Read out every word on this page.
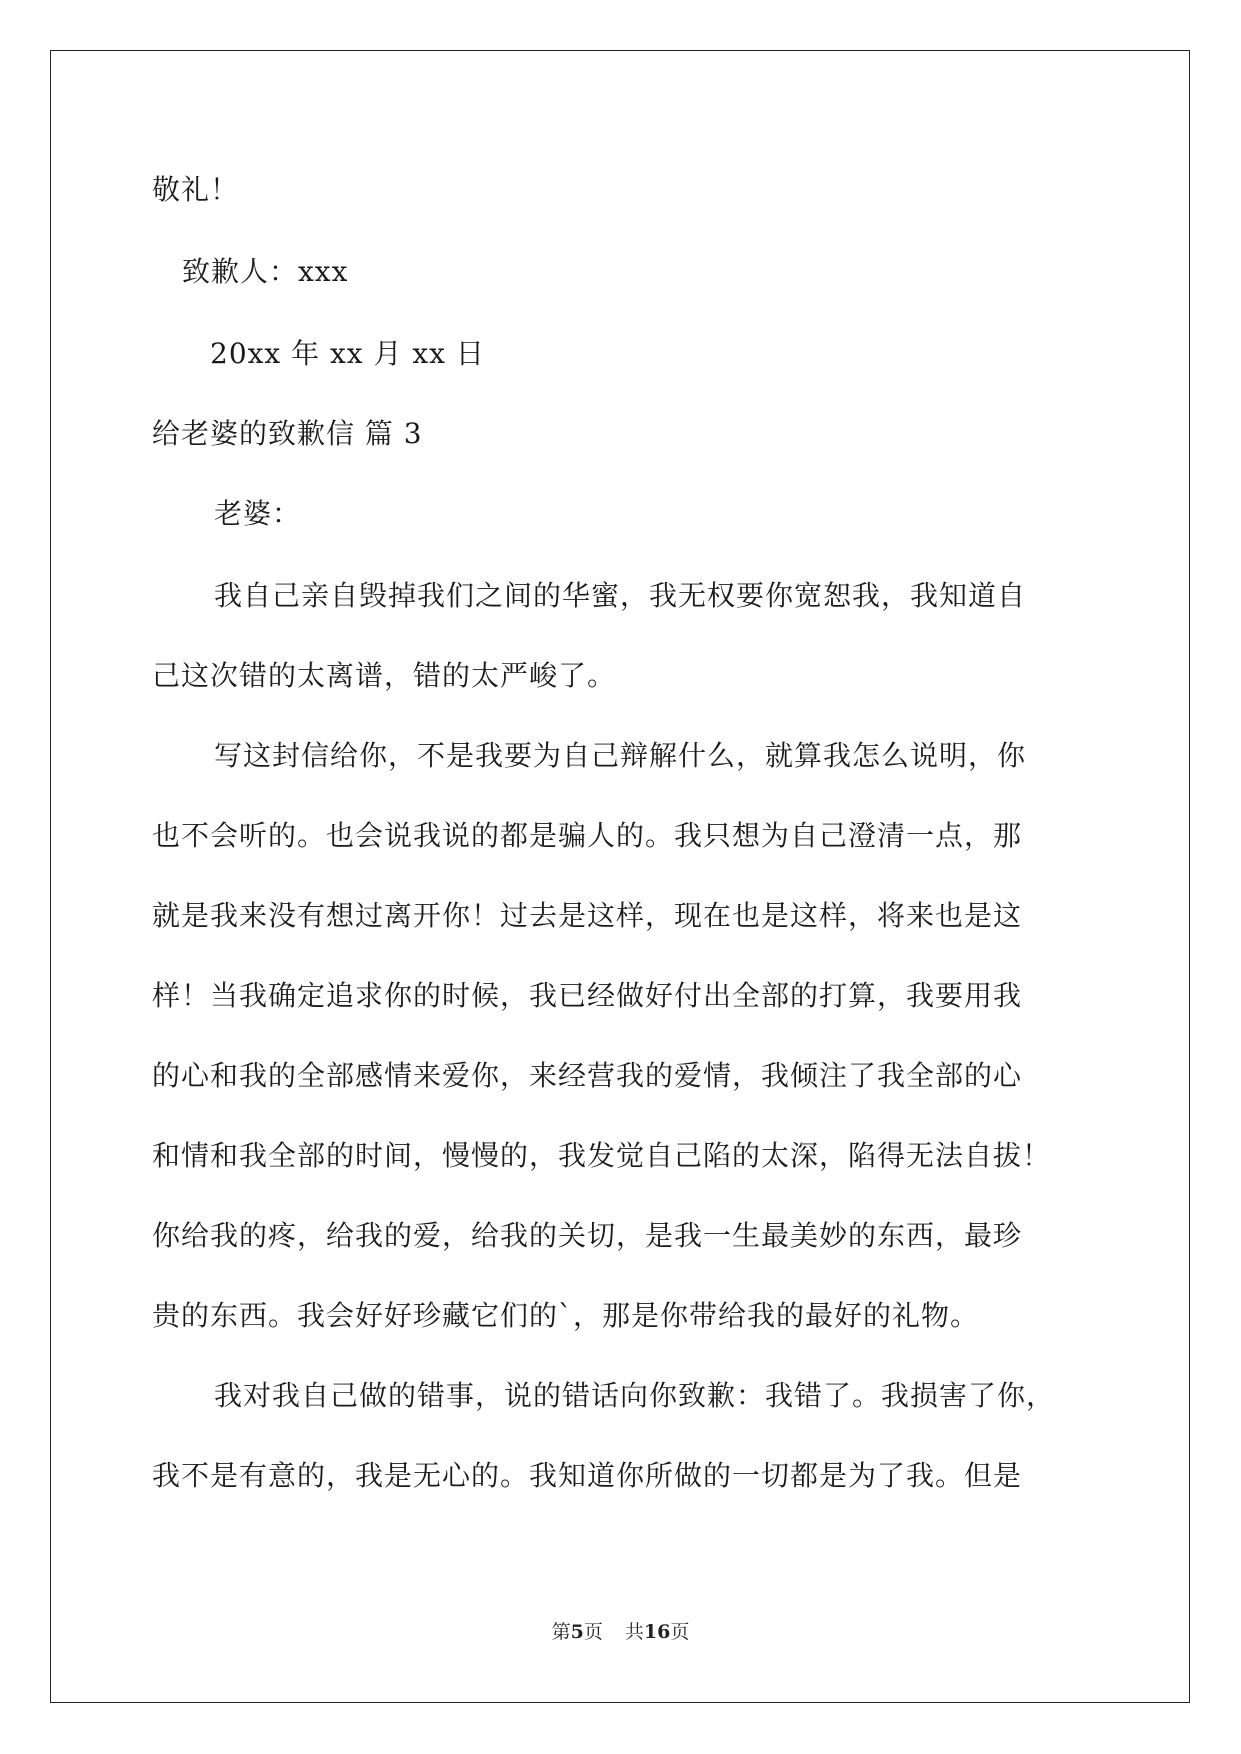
敬礼！
致歉人：xxx
20xx 年 xx 月 xx 日
给老婆的致歉信 篇 3
老婆：
我自己亲自毁掉我们之间的华蜜，我无权要你宽恕我，我知道自
己这次错的太离谱，错的太严峻了。
写这封信给你，不是我要为自己辩解什么，就算我怎么说明，你
也不会听的。也会说我说的都是骗人的。我只想为自己澄清一点，那
就是我来没有想过离开你！过去是这样，现在也是这样，将来也是这
样！当我确定追求你的时候，我已经做好付出全部的打算，我要用我
的心和我的全部感情来爱你，来经营我的爱情，我倾注了我全部的心
和情和我全部的时间，慢慢的，我发觉自己陷的太深，陷得无法自拔！
你给我的疼，给我的爱，给我的关切，是我一生最美妙的东西，最珍
贵的东西。我会好好珍藏它们的`，那是你带给我的最好的礼物。
我对我自己做的错事，说的错话向你致歉：我错了。我损害了你，
我不是有意的，我是无心的。我知道你所做的一切都是为了我。但是
第5页 共16页
